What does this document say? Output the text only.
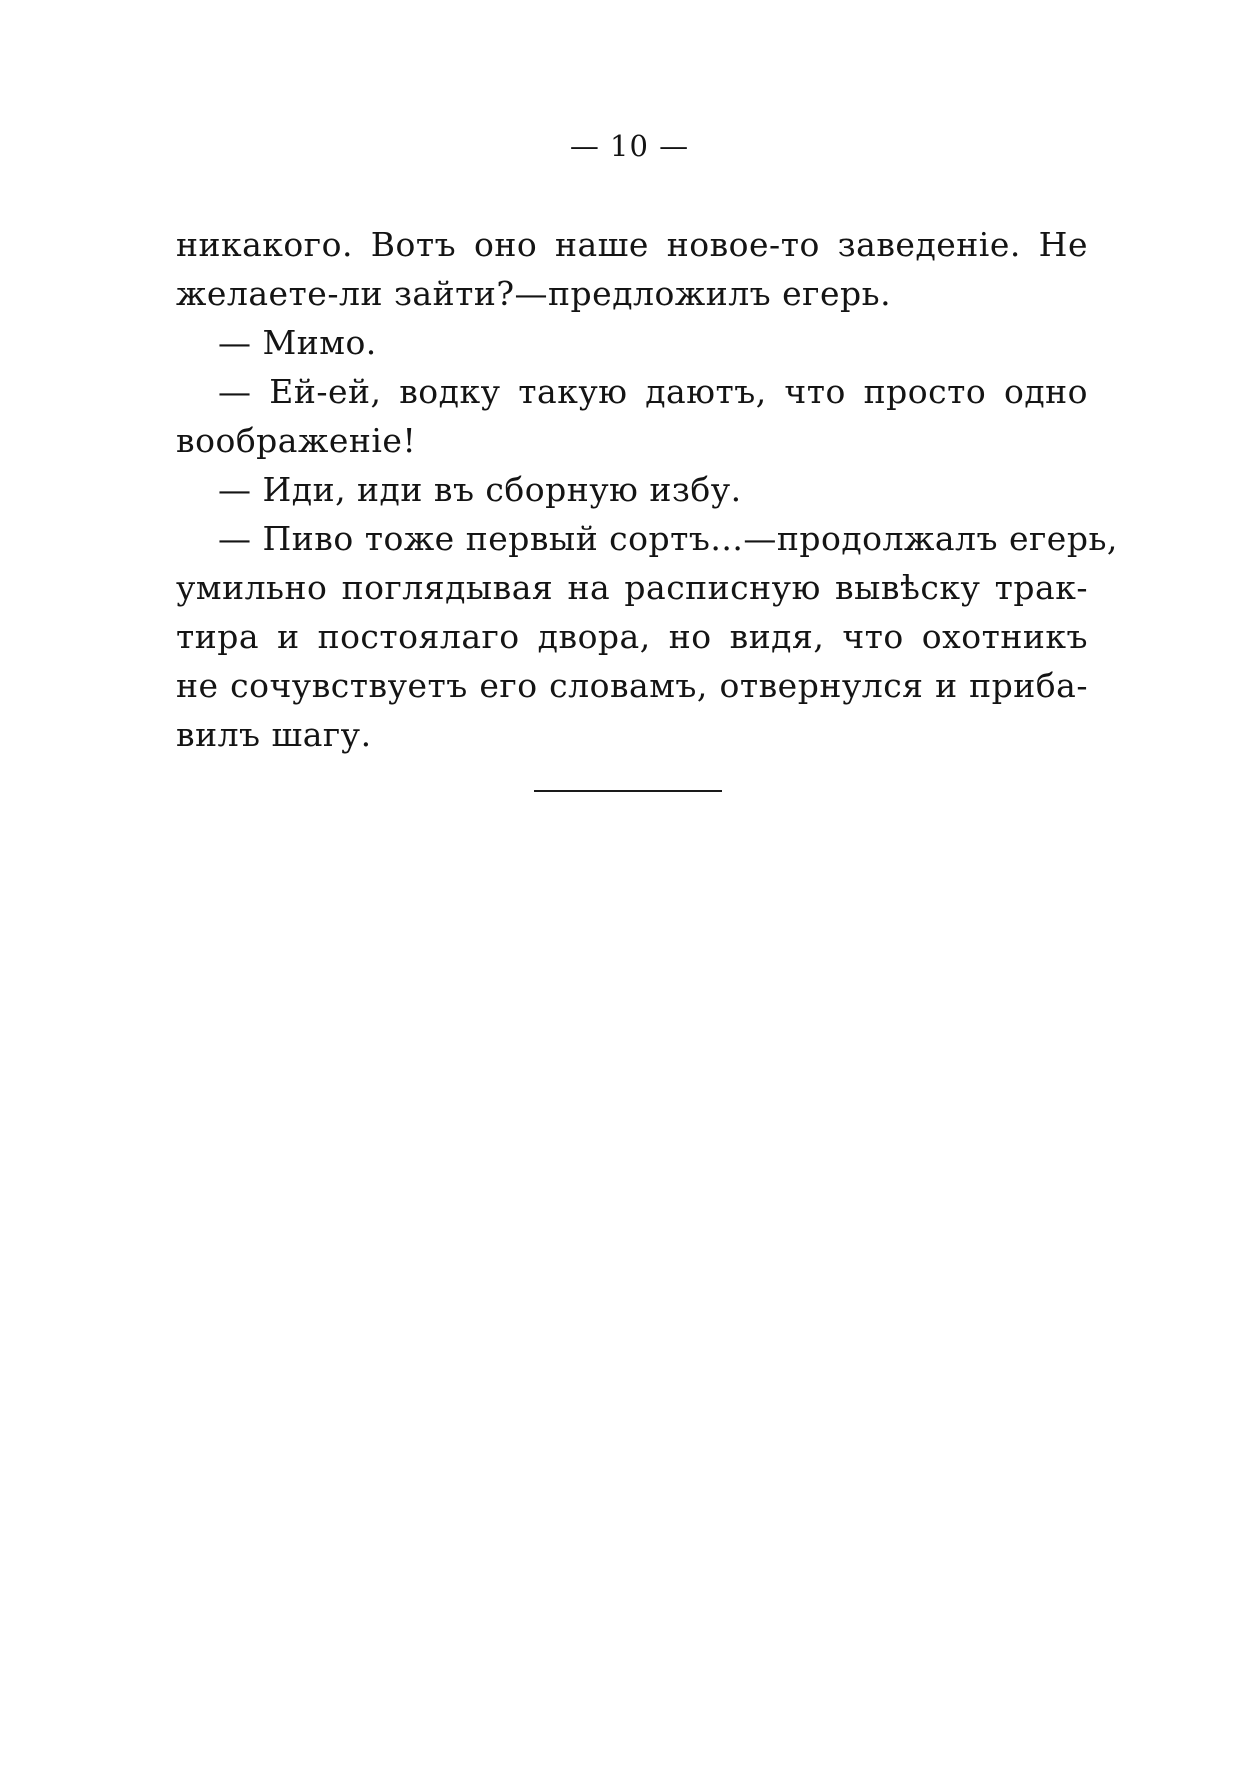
— 10 —
никакого. Вотъ оно наше новое-то заведенiе. Не
желаете-ли зайти?—предложилъ егерь.
— Мимо.
— Ей-ей, водку такую даютъ, что просто одно
воображенiе!
— Иди, иди въ сборную избу.
— Пиво тоже первый сортъ...—продолжалъ егерь,
умильно поглядывая на расписную вывѣску трак-
тира и постоялаго двора, но видя, что охотникъ
не сочувствуетъ его словамъ, отвернулся и приба-
вилъ шагу.
